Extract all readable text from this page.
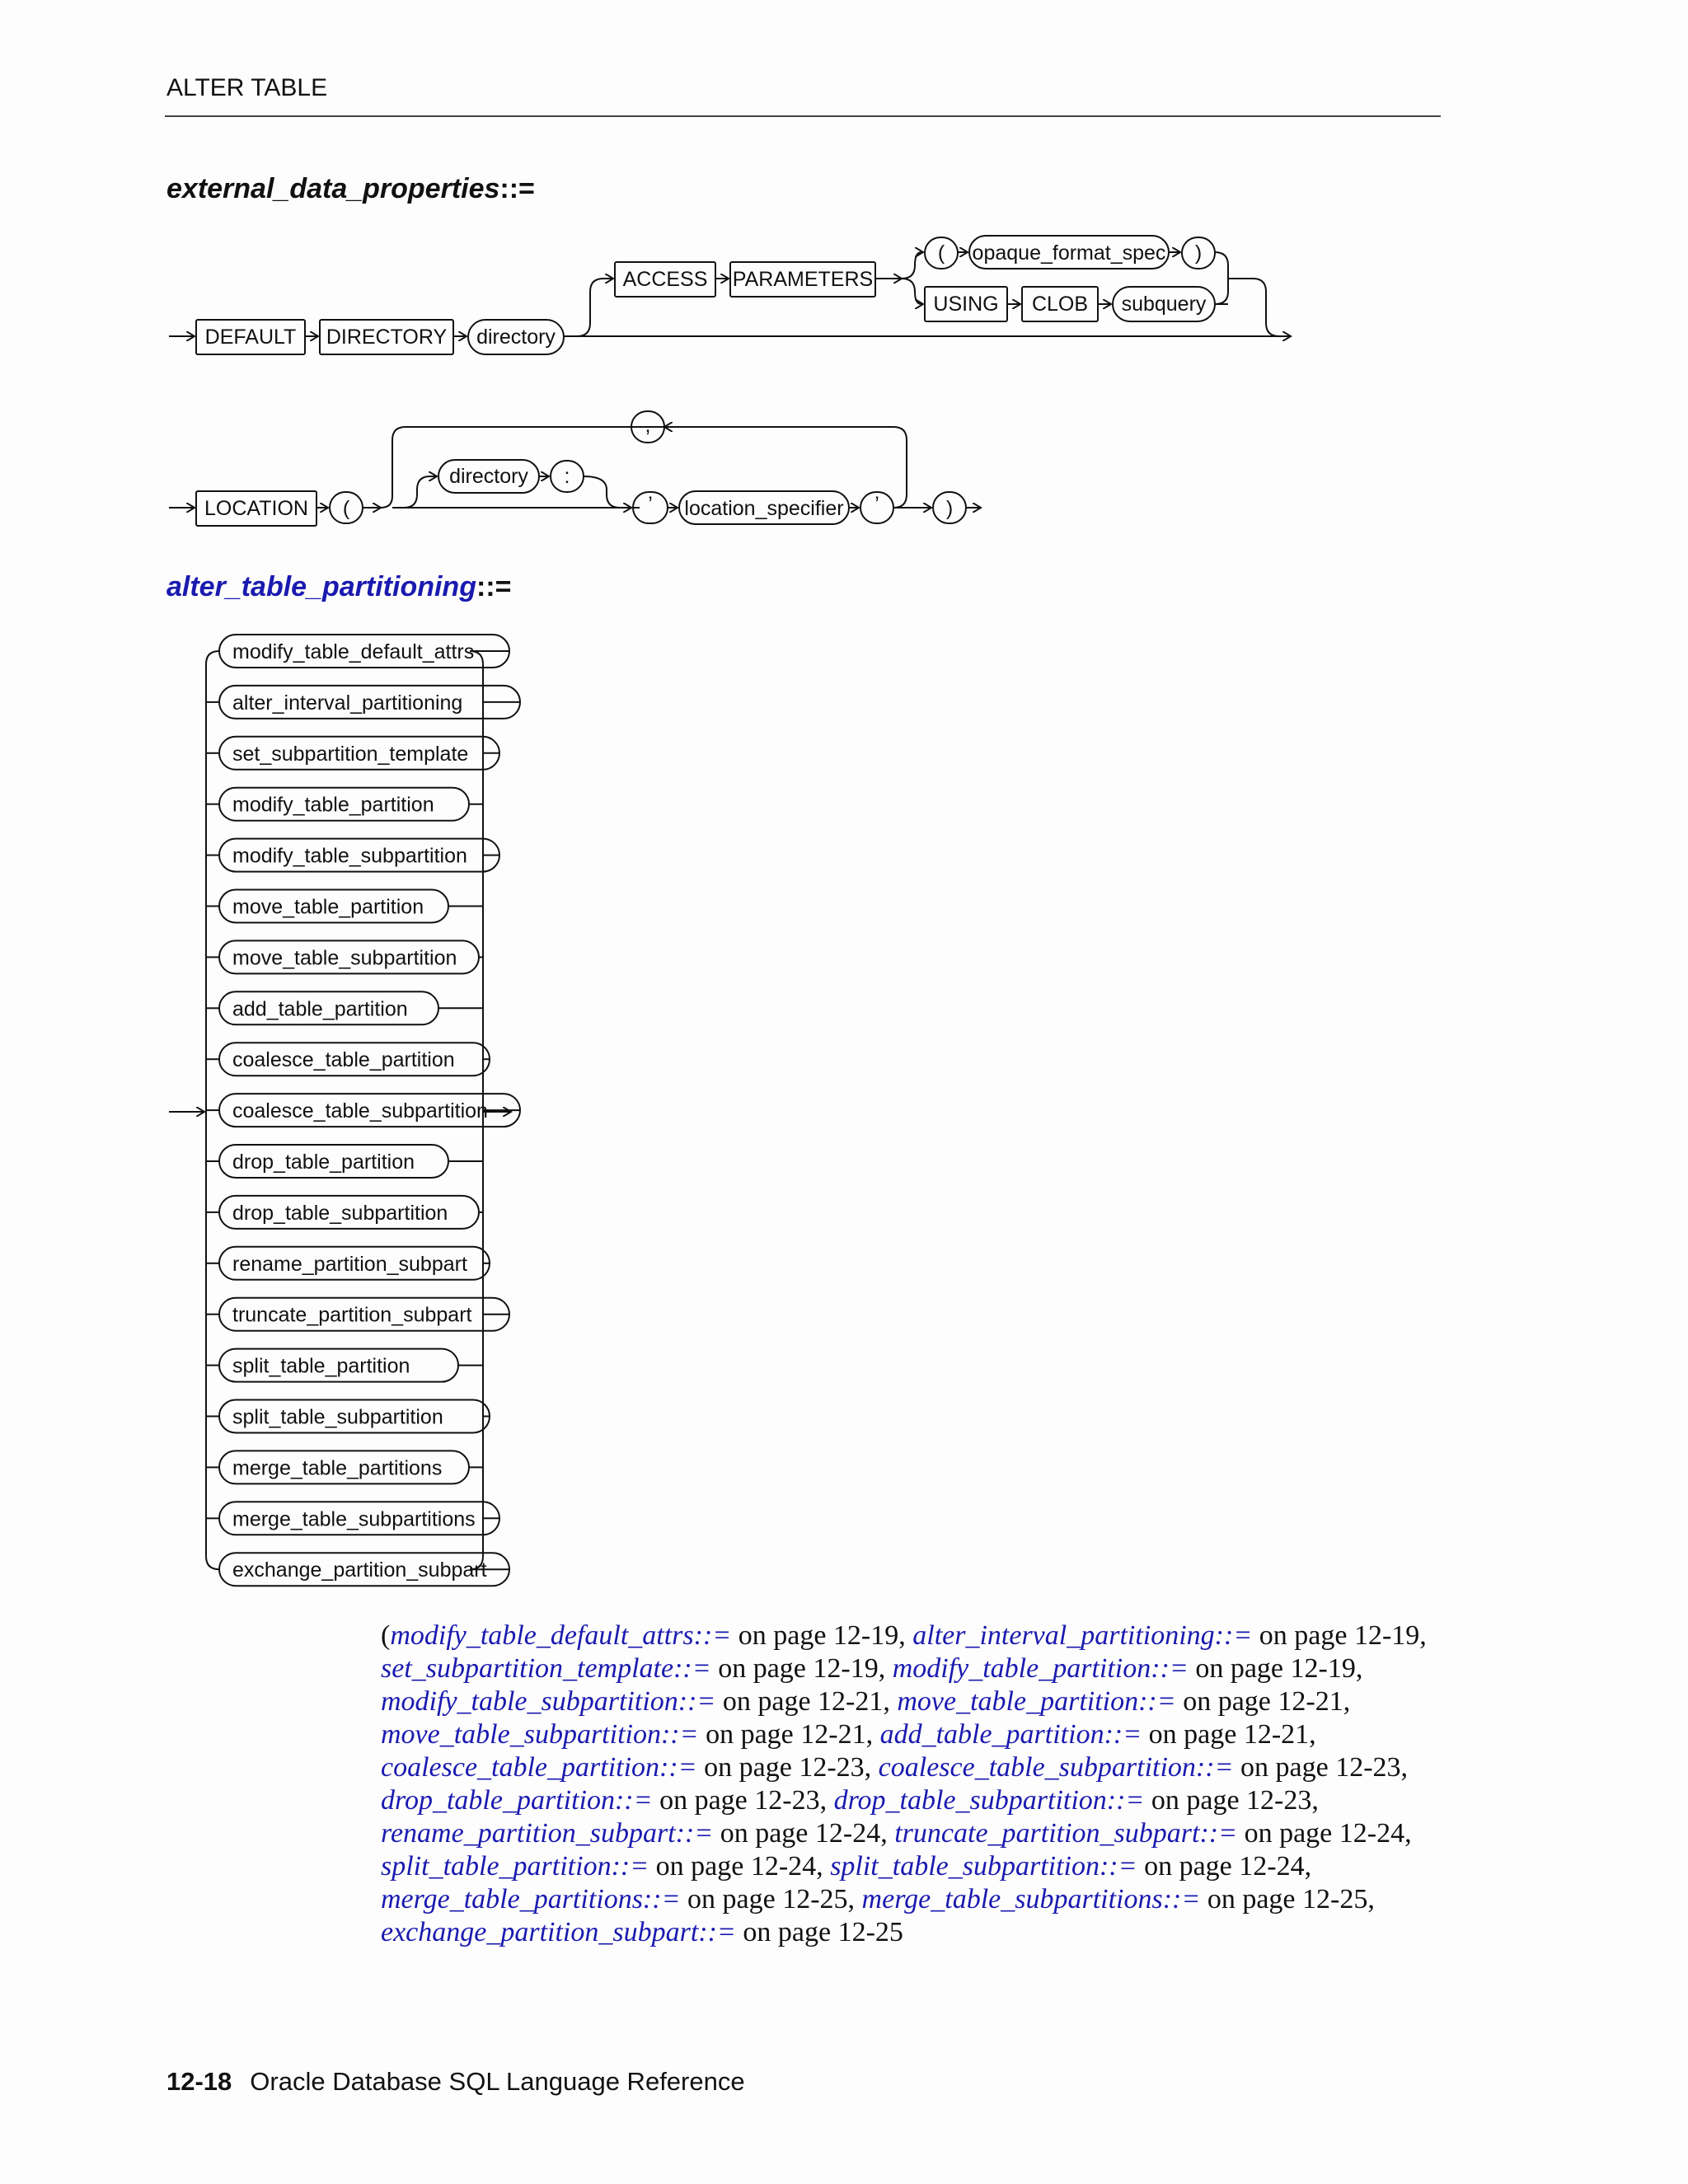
ALTER TABLE
external_data_properties::=
DEFAULT DIRECTORY directory
ACCESS PARAMETERS
( opaque_format_spec )
USING CLOB subquery
LOCATION (
,
directory :
’ location_specifier ’	)
alter_table_partitioning::=
modify_table_default_attrs
alter_interval_partitioning
set_subpartition_template
modify_table_partition
modify_table_subpartition
move_table_partition
move_table_subpartition
add_table_partition
coalesce_table_partition
coalesce_table_subpartition
drop_table_partition
drop_table_subpartition
rename_partition_subpart
truncate_partition_subpart
split_table_partition
split_table_subpartition
merge_table_partitions
merge_table_subpartitions
exchange_partition_subpart
(modify_table_default_attrs::= on page 12-19, alter_interval_partitioning::= on page 12-19, set_subpartition_template::= on page 12-19, modify_table_partition::= on page 12-19, modify_table_subpartition::= on page 12-21, move_table_partition::= on page 12-21, move_table_subpartition::= on page 12-21, add_table_partition::= on page 12-21, coalesce_table_partition::= on page 12-23, coalesce_table_subpartition::= on page 12-23, drop_table_partition::= on page 12-23, drop_table_subpartition::= on page 12-23, rename_partition_subpart::= on page 12-24, truncate_partition_subpart::= on page 12-24, split_table_partition::= on page 12-24, split_table_subpartition::= on page 12-24, merge_table_partitions::= on page 12-25, merge_table_subpartitions::= on page 12-25, exchange_partition_subpart::= on page 12-25
12-18 Oracle Database SQL Language Reference
